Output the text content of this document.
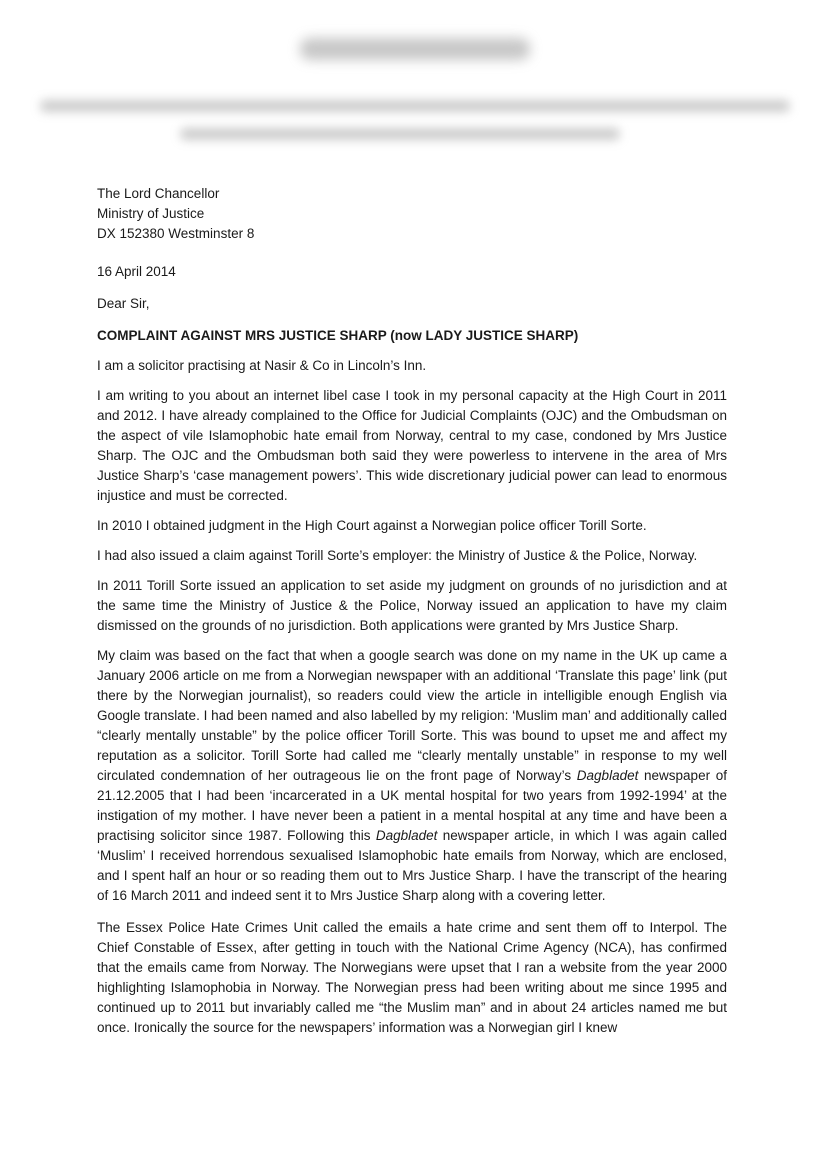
The Lord Chancellor
Ministry of Justice
DX 152380 Westminster 8
16 April 2014
Dear Sir,
COMPLAINT AGAINST MRS JUSTICE SHARP (now LADY JUSTICE SHARP)
I am a solicitor practising at Nasir & Co in Lincoln’s Inn.
I am writing to you about an internet libel case I took in my personal capacity at the High Court in 2011 and 2012. I have already complained to the Office for Judicial Complaints (OJC) and the Ombudsman on the aspect of vile Islamophobic hate email from Norway, central to my case, condoned by Mrs Justice Sharp. The OJC and the Ombudsman both said they were powerless to intervene in the area of Mrs Justice Sharp’s ‘case management powers’. This wide discretionary judicial power can lead to enormous injustice and must be corrected.
In 2010 I obtained judgment in the High Court against a Norwegian police officer Torill Sorte.
I had also issued a claim against Torill Sorte’s employer: the Ministry of Justice & the Police, Norway.
In 2011 Torill Sorte issued an application to set aside my judgment on grounds of no jurisdiction and at the same time the Ministry of Justice & the Police, Norway issued an application to have my claim dismissed on the grounds of no jurisdiction. Both applications were granted by Mrs Justice Sharp.
My claim was based on the fact that when a google search was done on my name in the UK up came a January 2006 article on me from a Norwegian newspaper with an additional ‘Translate this page’ link (put there by the Norwegian journalist), so readers could view the article in intelligible enough English via Google translate. I had been named and also labelled by my religion: ‘Muslim man’ and additionally called “clearly mentally unstable” by the police officer Torill Sorte. This was bound to upset me and affect my reputation as a solicitor. Torill Sorte had called me “clearly mentally unstable” in response to my well circulated condemnation of her outrageous lie on the front page of Norway’s Dagbladet newspaper of 21.12.2005 that I had been ‘incarcerated in a UK mental hospital for two years from 1992-1994’ at the instigation of my mother. I have never been a patient in a mental hospital at any time and have been a practising solicitor since 1987. Following this Dagbladet newspaper article, in which I was again called ‘Muslim’ I received horrendous sexualised Islamophobic hate emails from Norway, which are enclosed, and I spent half an hour or so reading them out to Mrs Justice Sharp. I have the transcript of the hearing of 16 March 2011 and indeed sent it to Mrs Justice Sharp along with a covering letter.
The Essex Police Hate Crimes Unit called the emails a hate crime and sent them off to Interpol. The Chief Constable of Essex, after getting in touch with the National Crime Agency (NCA), has confirmed that the emails came from Norway. The Norwegians were upset that I ran a website from the year 2000 highlighting Islamophobia in Norway. The Norwegian press had been writing about me since 1995 and continued up to 2011 but invariably called me “the Muslim man” and in about 24 articles named me but once. Ironically the source for the newspapers’ information was a Norwegian girl I knew
